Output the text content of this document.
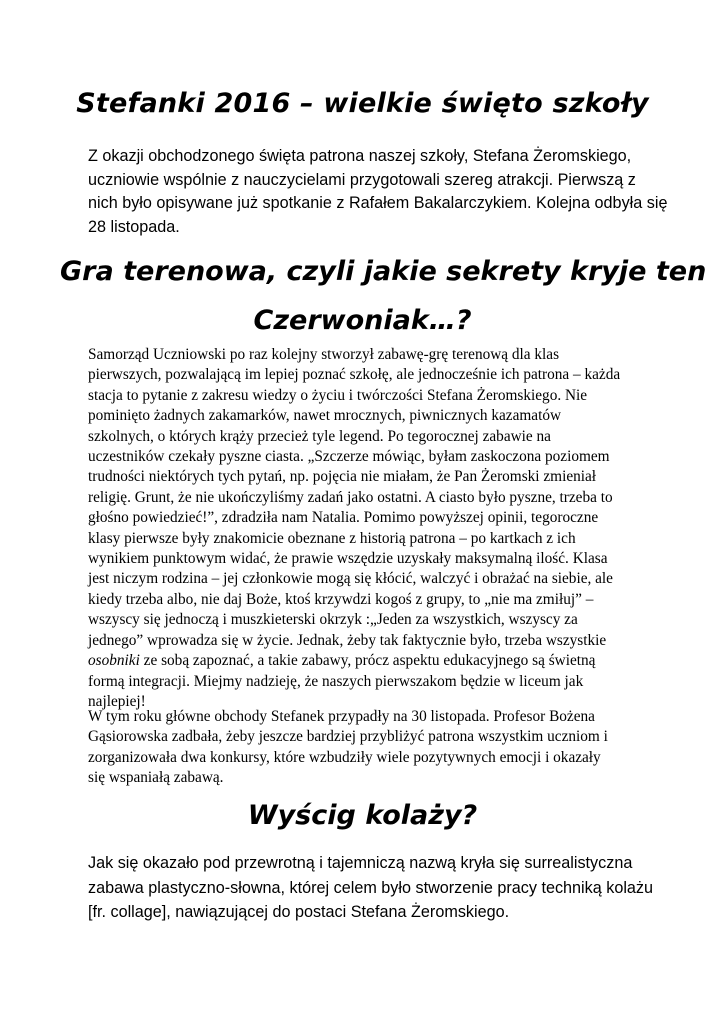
Stefanki 2016 – wielkie święto szkoły

Z okazji obchodzonego święta patrona naszej szkoły, Stefana Żeromskiego,
uczniowie wspólnie z nauczycielami przygotowali szereg atrakcji. Pierwszą z
nich było opisywane już spotkanie z Rafałem Bakalarczykiem. Kolejna odbyła się
28 listopada.

Gra terenowa, czyli jakie sekrety kryje ten
Czerwoniak…?

Samorząd Uczniowski po raz kolejny stworzył zabawę-grę terenową dla klas
pierwszych, pozwalającą im lepiej poznać szkołę, ale jednocześnie ich patrona – każda
stacja to pytanie z zakresu wiedzy o życiu i twórczości Stefana Żeromskiego. Nie
pominięto żadnych zakamarków, nawet mrocznych, piwnicznych kazamatów
szkolnych, o których krąży przecież tyle legend. Po tegorocznej zabawie na
uczestników czekały pyszne ciasta. „Szczerze mówiąc, byłam zaskoczona poziomem
trudności niektórych tych pytań, np. pojęcia nie miałam, że Pan Żeromski zmieniał
religię. Grunt, że nie ukończyliśmy zadań jako ostatni. A ciasto było pyszne, trzeba to
głośno powiedzieć!”, zdradziła nam Natalia. Pomimo powyższej opinii, tegoroczne
klasy pierwsze były znakomicie obeznane z historią patrona – po kartkach z ich
wynikiem punktowym widać, że prawie wszędzie uzyskały maksymalną ilość. Klasa
jest niczym rodzina – jej członkowie mogą się kłócić, walczyć i obrażać na siebie, ale
kiedy trzeba albo, nie daj Boże, ktoś krzywdzi kogoś z grupy, to „nie ma zmiłuj” –
wszyscy się jednoczą i muszkieterski okrzyk :„Jeden za wszystkich, wszyscy za
jednego” wprowadza się w życie. Jednak, żeby tak faktycznie było, trzeba wszystkie
osobniki ze sobą zapoznać, a takie zabawy, prócz aspektu edukacyjnego są świetną
formą integracji. Miejmy nadzieję, że naszych pierwszakom będzie w liceum jak
najlepiej!

W tym roku główne obchody Stefanek przypadły na 30 listopada. Profesor Bożena
Gąsiorowska zadbała, żeby jeszcze bardziej przybliżyć patrona wszystkim uczniom i
zorganizowała dwa konkursy, które wzbudziły wiele pozytywnych emocji i okazały
się wspaniałą zabawą.

Wyścig kolaży?

Jak się okazało pod przewrotną i tajemniczą nazwą kryła się surrealistyczna
zabawa plastyczno-słowna, której celem było stworzenie pracy techniką kolażu
[fr. collage], nawiązującej do postaci Stefana Żeromskiego.
